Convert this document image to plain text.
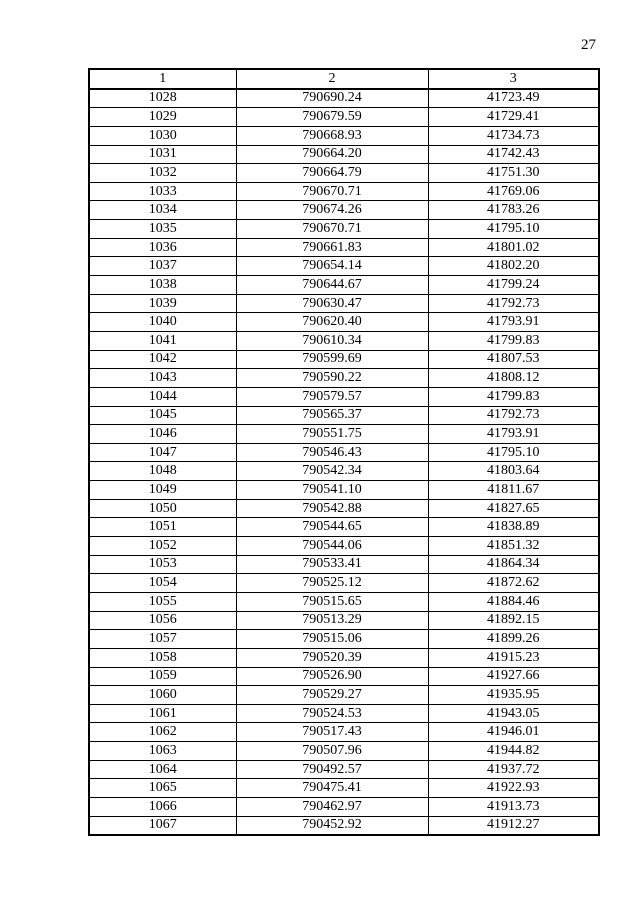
27
1	2	3
1028	790690.24	41723.49
1029	790679.59	41729.41
1030	790668.93	41734.73
1031	790664.20	41742.43
1032	790664.79	41751.30
1033	790670.71	41769.06
1034	790674.26	41783.26
1035	790670.71	41795.10
1036	790661.83	41801.02
1037	790654.14	41802.20
1038	790644.67	41799.24
1039	790630.47	41792.73
1040	790620.40	41793.91
1041	790610.34	41799.83
1042	790599.69	41807.53
1043	790590.22	41808.12
1044	790579.57	41799.83
1045	790565.37	41792.73
1046	790551.75	41793.91
1047	790546.43	41795.10
1048	790542.34	41803.64
1049	790541.10	41811.67
1050	790542.88	41827.65
1051	790544.65	41838.89
1052	790544.06	41851.32
1053	790533.41	41864.34
1054	790525.12	41872.62
1055	790515.65	41884.46
1056	790513.29	41892.15
1057	790515.06	41899.26
1058	790520.39	41915.23
1059	790526.90	41927.66
1060	790529.27	41935.95
1061	790524.53	41943.05
1062	790517.43	41946.01
1063	790507.96	41944.82
1064	790492.57	41937.72
1065	790475.41	41922.93
1066	790462.97	41913.73
1067	790452.92	41912.27
